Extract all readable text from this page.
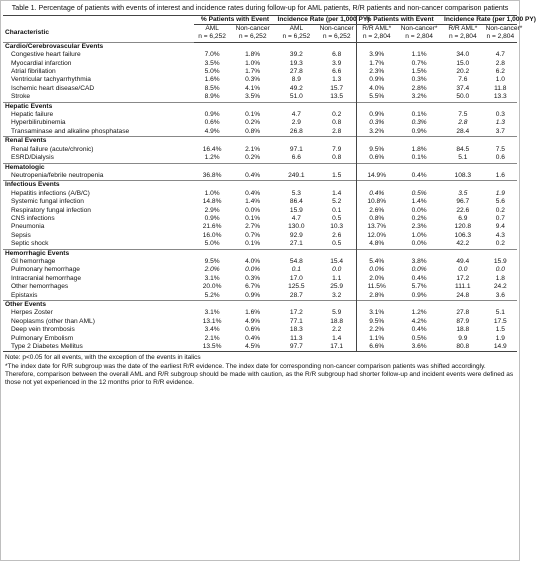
Table 1. Percentage of patients with events of interest and incidence rates during follow-up for AML patients, R/R patients and non-cancer comparison patients
	% Patients with Event		Incidence Rate (per 1,000 PY)		% Patients with Event		Incidence Rate (per 1,000 PY)	
Characteristic	AML	Non-cancer	AML	Non-cancer	R/R AML*	Non-cancer*	R/R AML*	Non-cancer*
	n = 6,252	n = 6,252	n = 6,252	n = 6,252	n = 2,804	n = 2,804	n = 2,804	n = 2,804
Cardio/Cerebrovascular Events								
Congestive heart failure	7.0%	1.8%	39.2	6.8	3.9%	1.1%	34.0	4.7
Myocardial infarction	3.5%	1.0%	19.3	3.9	1.7%	0.7%	15.0	2.8
Atrial fibrillation	5.0%	1.7%	27.8	6.6	2.3%	1.5%	20.2	6.2
Ventricular tachyarrhythmia	1.6%	0.3%	8.9	1.3	0.9%	0.3%	7.6	1.0
Ischemic heart disease/CAD	8.5%	4.1%	49.2	15.7	4.0%	2.8%	37.4	11.8
Stroke	8.9%	3.5%	51.0	13.5	5.5%	3.2%	50.0	13.3
Hepatic Events								
Hepatic failure	0.9%	0.1%	4.7	0.2	0.9%	0.1%	7.5	0.3
Hyperbilirubinemia	0.6%	0.2%	2.9	0.8	0.3%	0.3%	2.8	1.3
Transaminase and alkaline phosphatase	4.9%	0.8%	26.8	2.8	3.2%	0.9%	28.4	3.7
Renal Events								
Renal failure (acute/chronic)	16.4%	2.1%	97.1	7.9	9.5%	1.8%	84.5	7.5
ESRD/Dialysis	1.2%	0.2%	6.6	0.8	0.6%	0.1%	5.1	0.6
Hematologic								
Neutropenia/febrile neutropenia	36.8%	0.4%	249.1	1.5	14.9%	0.4%	108.3	1.6
Infectious Events								
Hepatitis infections (A/B/C)	1.0%	0.4%	5.3	1.4	0.4%	0.5%	3.5	1.9
Systemic fungal infection	14.8%	1.4%	86.4	5.2	10.8%	1.4%	96.7	5.6
Respiratory fungal infection	2.9%	0.0%	15.9	0.1	2.6%	0.0%	22.6	0.2
CNS infections	0.9%	0.1%	4.7	0.5	0.8%	0.2%	6.9	0.7
Pneumonia	21.6%	2.7%	130.0	10.3	13.7%	2.3%	120.8	9.4
Sepsis	16.0%	0.7%	92.9	2.6	12.0%	1.0%	106.3	4.3
Septic shock	5.0%	0.1%	27.1	0.5	4.8%	0.0%	42.2	0.2
Hemorrhagic Events								
GI hemorrhage	9.5%	4.0%	54.8	15.4	5.4%	3.8%	49.4	15.9
Pulmonary hemorrhage	2.0%	0.0%	0.1	0.0	0.0%	0.0%	0.0	0.0
Intracranial hemorrhage	3.1%	0.3%	17.0	1.1	2.0%	0.4%	17.2	1.8
Other hemorrhages	20.0%	6.7%	125.5	25.9	11.5%	5.7%	111.1	24.2
Epistaxis	5.2%	0.9%	28.7	3.2	2.8%	0.9%	24.8	3.6
Other Events								
Herpes Zoster	3.1%	1.6%	17.2	5.9	3.1%	1.2%	27.8	5.1
Neoplasms (other than AML)	13.1%	4.9%	77.1	18.8	9.5%	4.2%	87.9	17.5
Deep vein thrombosis	3.4%	0.6%	18.3	2.2	2.2%	0.4%	18.8	1.5
Pulmonary Embolism	2.1%	0.4%	11.3	1.4	1.1%	0.5%	9.9	1.9
Type 2 Diabetes Mellitus	13.5%	4.5%	97.7	17.1	6.6%	3.6%	80.8	14.9
Note: p<0.05 for all events, with the exception of the events in italics
*The index date for R/R subgroup was the date of the earliest R/R evidence. The index date for corresponding non-cancer comparison patients was shifted accordingly. Therefore, comparison between the overall AML and R/R subgroup should be made with caution, as the R/R subgroup had shorter follow-up and incident events were defined as those not yet experienced in the 12 months prior to R/R evidence.
